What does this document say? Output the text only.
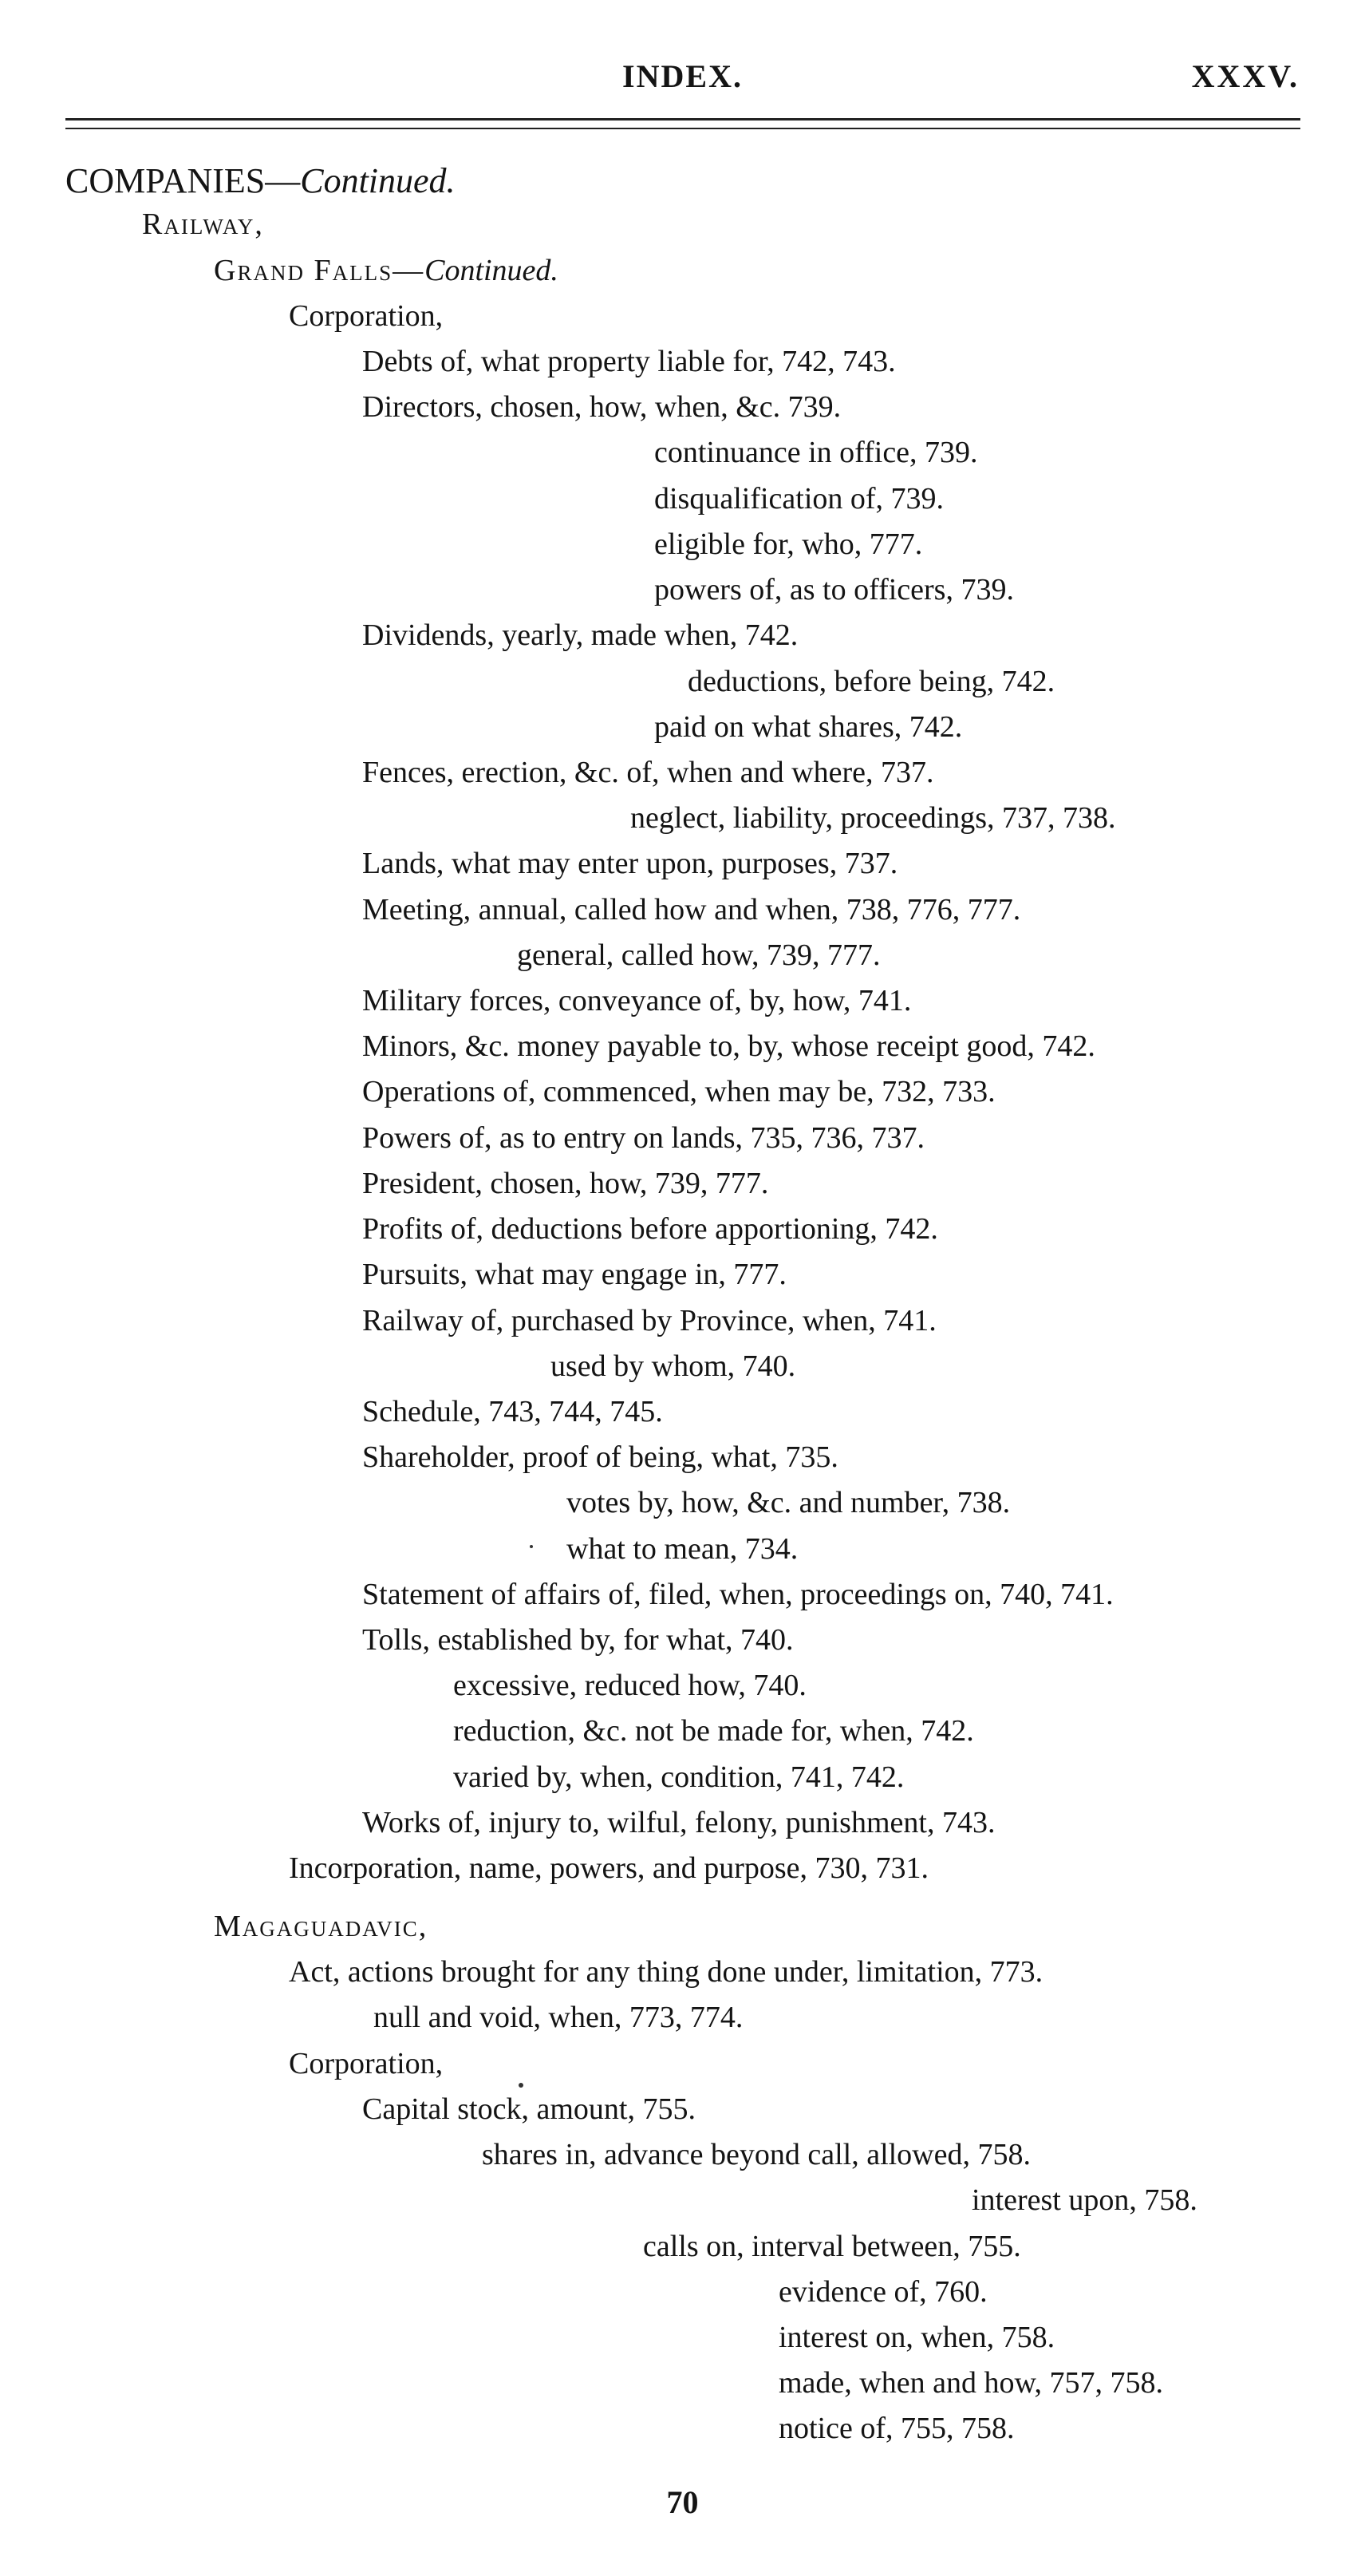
INDEX.	XXXV.
COMPANIES—Continued.
Railway,
Grand Falls—Continued.
Corporation,
Debts of, what property liable for, 742, 743.
Directors, chosen, how, when, &c. 739.
continuance in office, 739.
disqualification of, 739.
eligible for, who, 777.
powers of, as to officers, 739.
Dividends, yearly, made when, 742.
deductions, before being, 742.
paid on what shares, 742.
Fences, erection, &c. of, when and where, 737.
neglect, liability, proceedings, 737, 738.
Lands, what may enter upon, purposes, 737.
Meeting, annual, called how and when, 738, 776, 777.
general, called how, 739, 777.
Military forces, conveyance of, by, how, 741.
Minors, &c. money payable to, by, whose receipt good, 742.
Operations of, commenced, when may be, 732, 733.
Powers of, as to entry on lands, 735, 736, 737.
President, chosen, how, 739, 777.
Profits of, deductions before apportioning, 742.
Pursuits, what may engage in, 777.
Railway of, purchased by Province, when, 741.
used by whom, 740.
Schedule, 743, 744, 745.
Shareholder, proof of being, what, 735.
votes by, how, &c. and number, 738.
what to mean, 734.
Statement of affairs of, filed, when, proceedings on, 740, 741.
Tolls, established by, for what, 740.
excessive, reduced how, 740.
reduction, &c. not be made for, when, 742.
varied by, when, condition, 741, 742.
Works of, injury to, wilful, felony, punishment, 743.
Incorporation, name, powers, and purpose, 730, 731.
Magaguadavic,
Act, actions brought for any thing done under, limitation, 773.
null and void, when, 773, 774.
Corporation,
Capital stock, amount, 755.
shares in, advance beyond call, allowed, 758.
interest upon, 758.
calls on, interval between, 755.
evidence of, 760.
interest on, when, 758.
made, when and how, 757, 758.
notice of, 755, 758.
70
